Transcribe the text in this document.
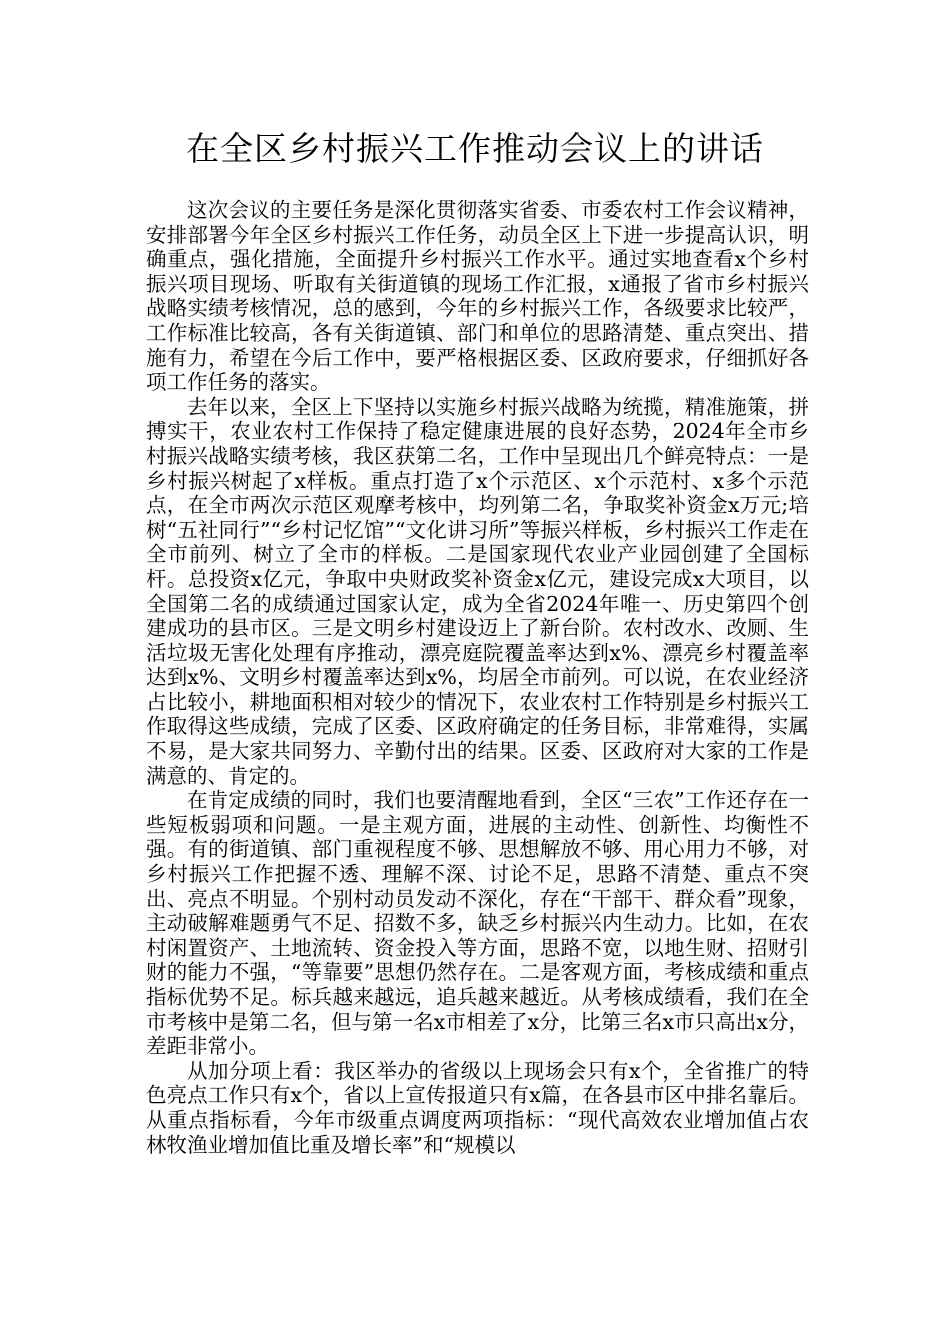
在全区乡村振兴工作推动会议上的讲话

这次会议的主要任务是深化贯彻落实省委、市委农村工作会议精神，安排部署今年全区乡村振兴工作任务，动员全区上下进一步提高认识，明确重点，强化措施，全面提升乡村振兴工作水平。通过实地查看x个乡村振兴项目现场、听取有关街道镇的现场工作汇报，x通报了省市乡村振兴战略实绩考核情况，总的感到，今年的乡村振兴工作，各级要求比较严，工作标准比较高，各有关街道镇、部门和单位的思路清楚、重点突出、措施有力，希望在今后工作中，要严格根据区委、区政府要求，仔细抓好各项工作任务的落实。

去年以来，全区上下坚持以实施乡村振兴战略为统揽，精准施策，拼搏实干，农业农村工作保持了稳定健康进展的良好态势，2024年全市乡村振兴战略实绩考核，我区获第二名，工作中呈现出几个鲜亮特点：一是乡村振兴树起了x样板。重点打造了x个示范区、x个示范村、x多个示范点，在全市两次示范区观摩考核中，均列第二名，争取奖补资金x万元;培树“五社同行”“乡村记忆馆”“文化讲习所”等振兴样板，乡村振兴工作走在全市前列、树立了全市的样板。二是国家现代农业产业园创建了全国标杆。总投资x亿元，争取中央财政奖补资金x亿元，建设完成x大项目，以全国第二名的成绩通过国家认定，成为全省2024年唯一、历史第四个创建成功的县市区。三是文明乡村建设迈上了新台阶。农村改水、改厕、生活垃圾无害化处理有序推动，漂亮庭院覆盖率达到x%、漂亮乡村覆盖率达到x%、文明乡村覆盖率达到x%，均居全市前列。可以说，在农业经济占比较小，耕地面积相对较少的情况下，农业农村工作特别是乡村振兴工作取得这些成绩，完成了区委、区政府确定的任务目标，非常难得，实属不易，是大家共同努力、辛勤付出的结果。区委、区政府对大家的工作是满意的、肯定的。

在肯定成绩的同时，我们也要清醒地看到，全区“三农”工作还存在一些短板弱项和问题。一是主观方面，进展的主动性、创新性、均衡性不强。有的街道镇、部门重视程度不够、思想解放不够、用心用力不够，对乡村振兴工作把握不透、理解不深、讨论不足，思路不清楚、重点不突出、亮点不明显。个别村动员发动不深化，存在“干部干、群众看”现象，主动破解难题勇气不足、招数不多，缺乏乡村振兴内生动力。比如，在农村闲置资产、土地流转、资金投入等方面，思路不宽，以地生财、招财引财的能力不强，“等靠要”思想仍然存在。二是客观方面，考核成绩和重点指标优势不足。标兵越来越远，追兵越来越近。从考核成绩看，我们在全市考核中是第二名，但与第一名x市相差了x分，比第三名x市只高出x分，差距非常小。

从加分项上看：我区举办的省级以上现场会只有x个，全省推广的特色亮点工作只有x个，省以上宣传报道只有x篇，在各县市区中排名靠后。从重点指标看，今年市级重点调度两项指标：“现代高效农业增加值占农林牧渔业增加值比重及增长率”和“规模以
